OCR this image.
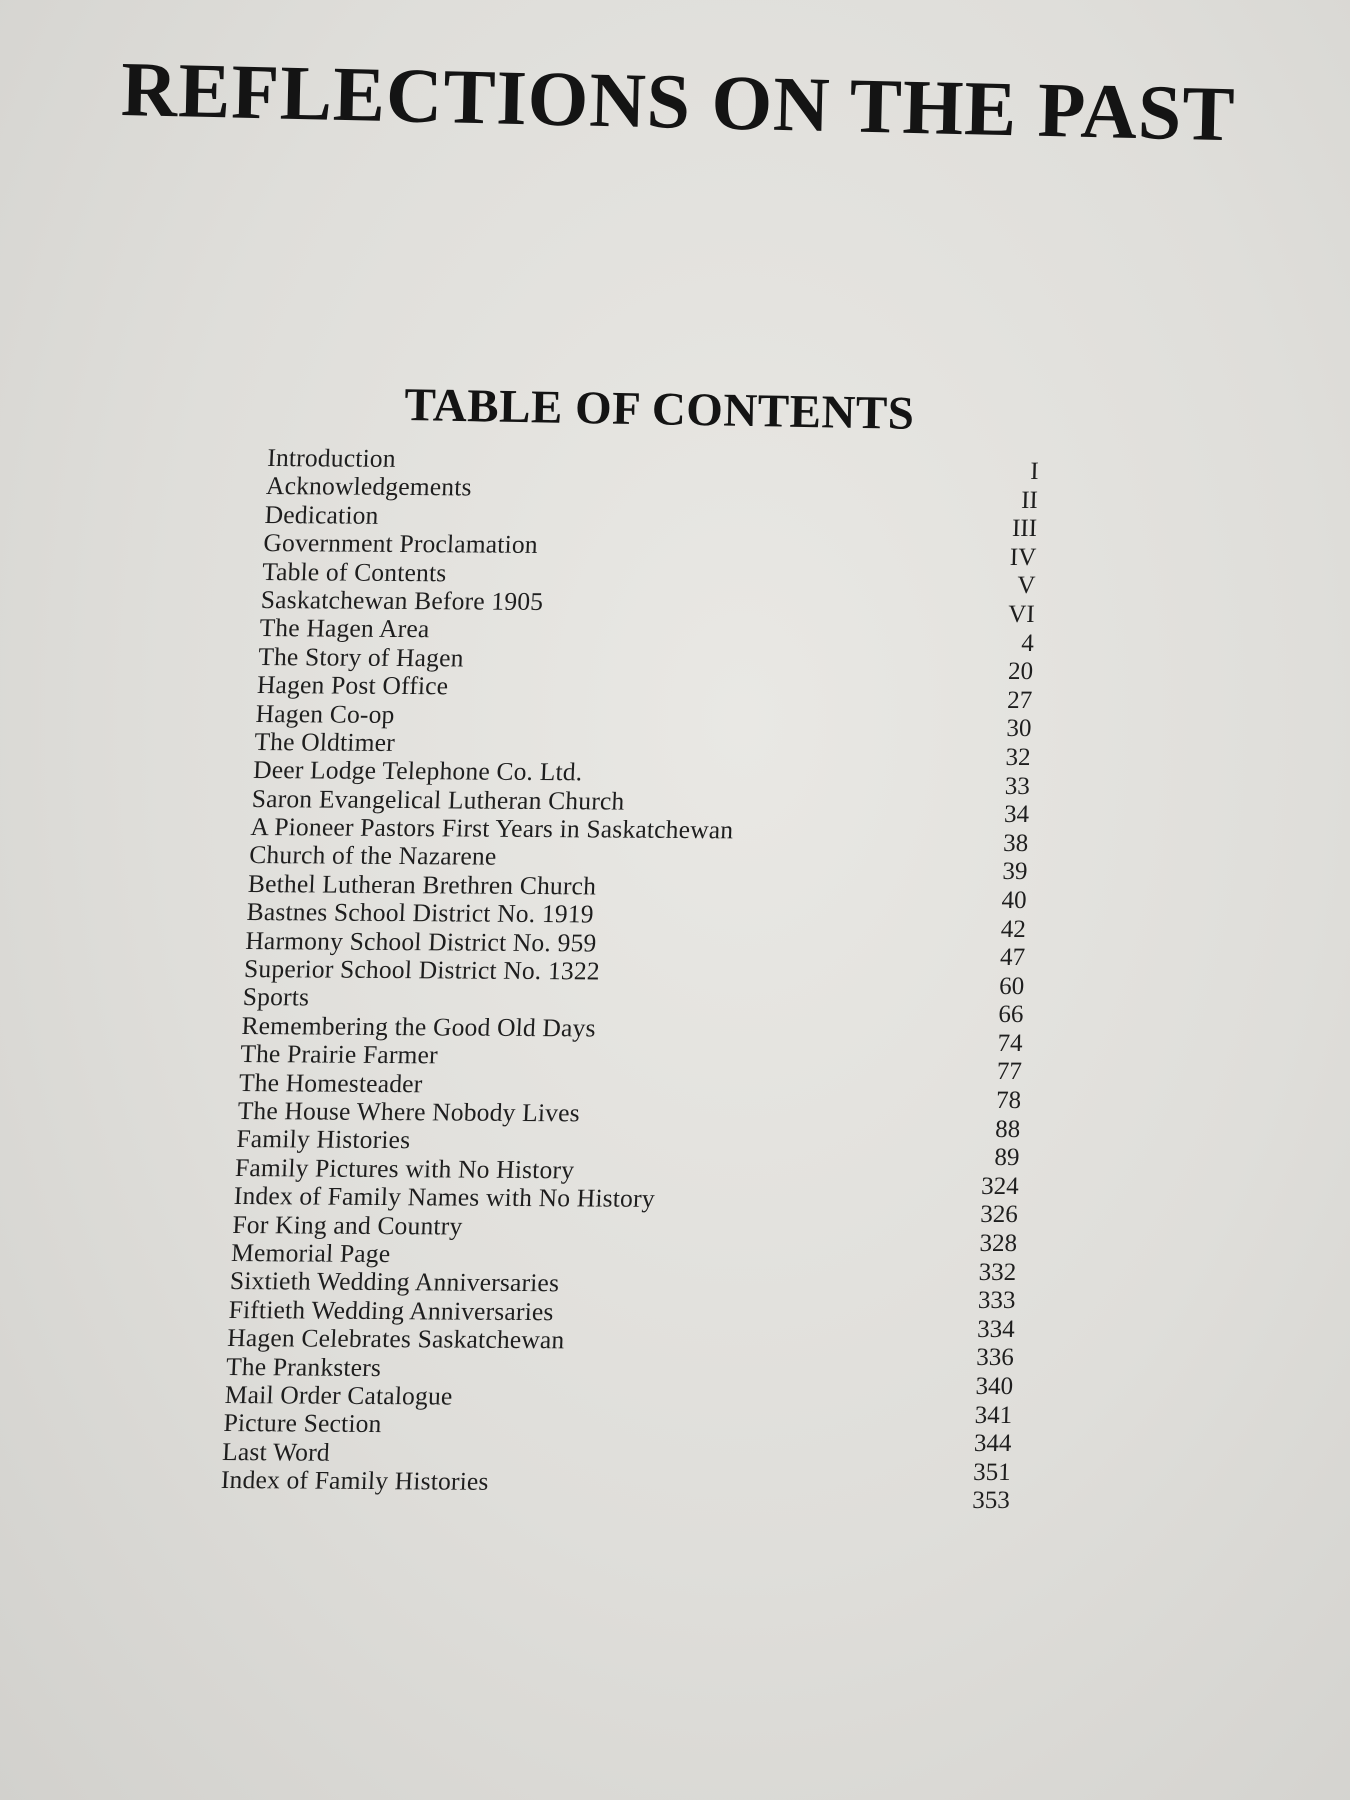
REFLECTIONS ON THE PAST
TABLE OF CONTENTS
Introduction
Acknowledgements
Dedication
Government Proclamation
Table of Contents
Saskatchewan Before 1905
The Hagen Area
The Story of Hagen
Hagen Post Office
Hagen Co-op
The Oldtimer
Deer Lodge Telephone Co. Ltd.
Saron Evangelical Lutheran Church
A Pioneer Pastors First Years in Saskatchewan
Church of the Nazarene
Bethel Lutheran Brethren Church
Bastnes School District No. 1919
Harmony School District No. 959
Superior School District No. 1322
Sports
Remembering the Good Old Days
The Prairie Farmer
The Homesteader
The House Where Nobody Lives
Family Histories
Family Pictures with No History
Index of Family Names with No History
For King and Country
Memorial Page
Sixtieth Wedding Anniversaries
Fiftieth Wedding Anniversaries
Hagen Celebrates Saskatchewan
The Pranksters
Mail Order Catalogue
Picture Section
Last Word
Index of Family Histories
I
II
III
IV
V
VI
4
20
27
30
32
33
34
38
39
40
42
47
60
66
74
77
78
88
89
324
326
328
332
333
334
336
340
341
344
351
353
